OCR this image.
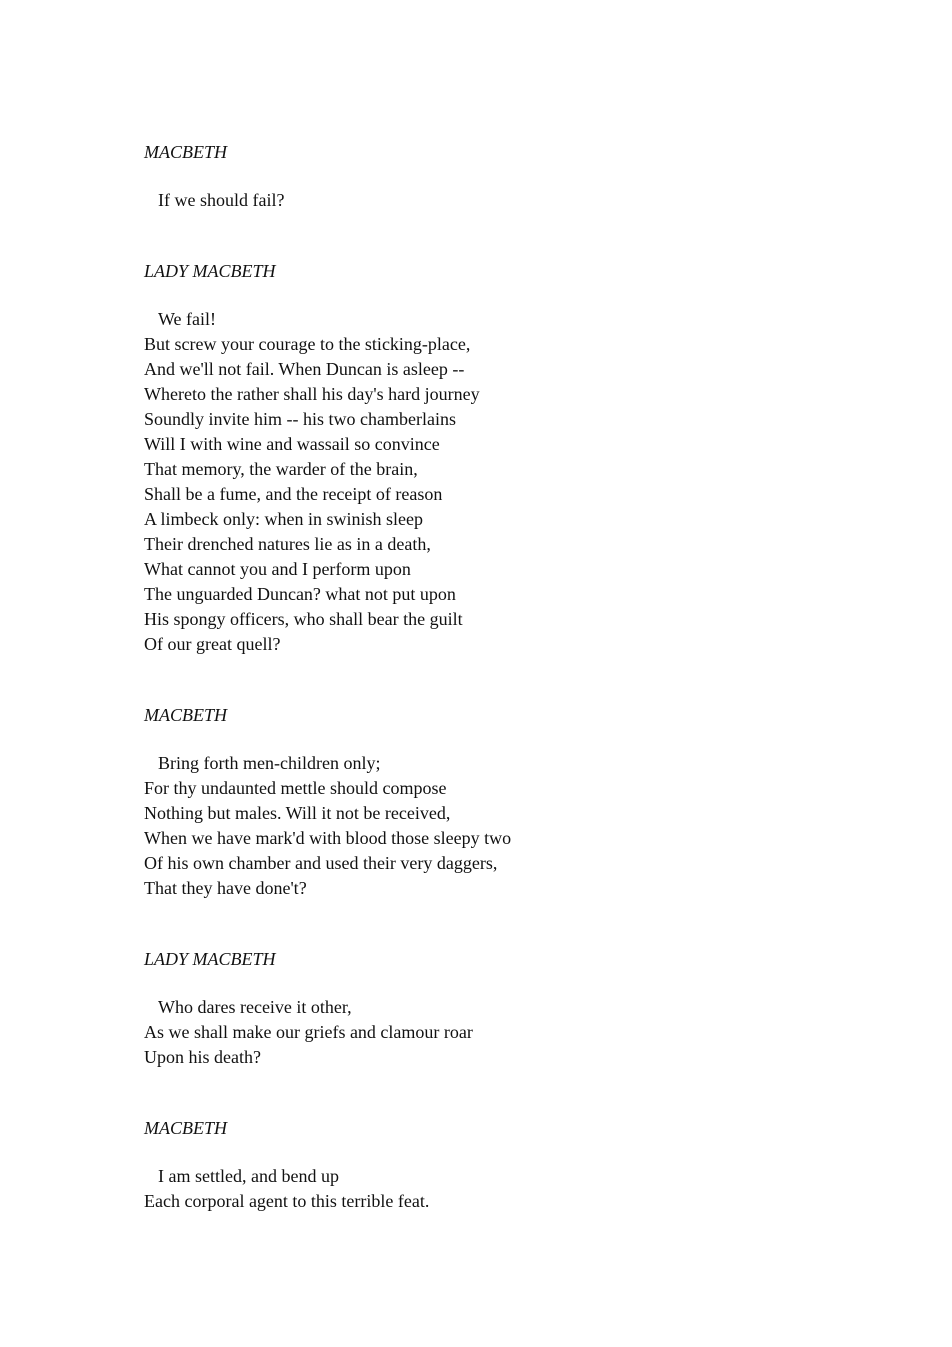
MACBETH
If we should fail?
LADY MACBETH
We fail!
But screw your courage to the sticking-place,
And we'll not fail. When Duncan is asleep --
Whereto the rather shall his day's hard journey
Soundly invite him -- his two chamberlains
Will I with wine and wassail so convince
That memory, the warder of the brain,
Shall be a fume, and the receipt of reason
A limbeck only: when in swinish sleep
Their drenched natures lie as in a death,
What cannot you and I perform upon
The unguarded Duncan? what not put upon
His spongy officers, who shall bear the guilt
Of our great quell?
MACBETH
Bring forth men-children only;
For thy undaunted mettle should compose
Nothing but males. Will it not be received,
When we have mark'd with blood those sleepy two
Of his own chamber and used their very daggers,
That they have done't?
LADY MACBETH
Who dares receive it other,
As we shall make our griefs and clamour roar
Upon his death?
MACBETH
I am settled, and bend up
Each corporal agent to this terrible feat.
